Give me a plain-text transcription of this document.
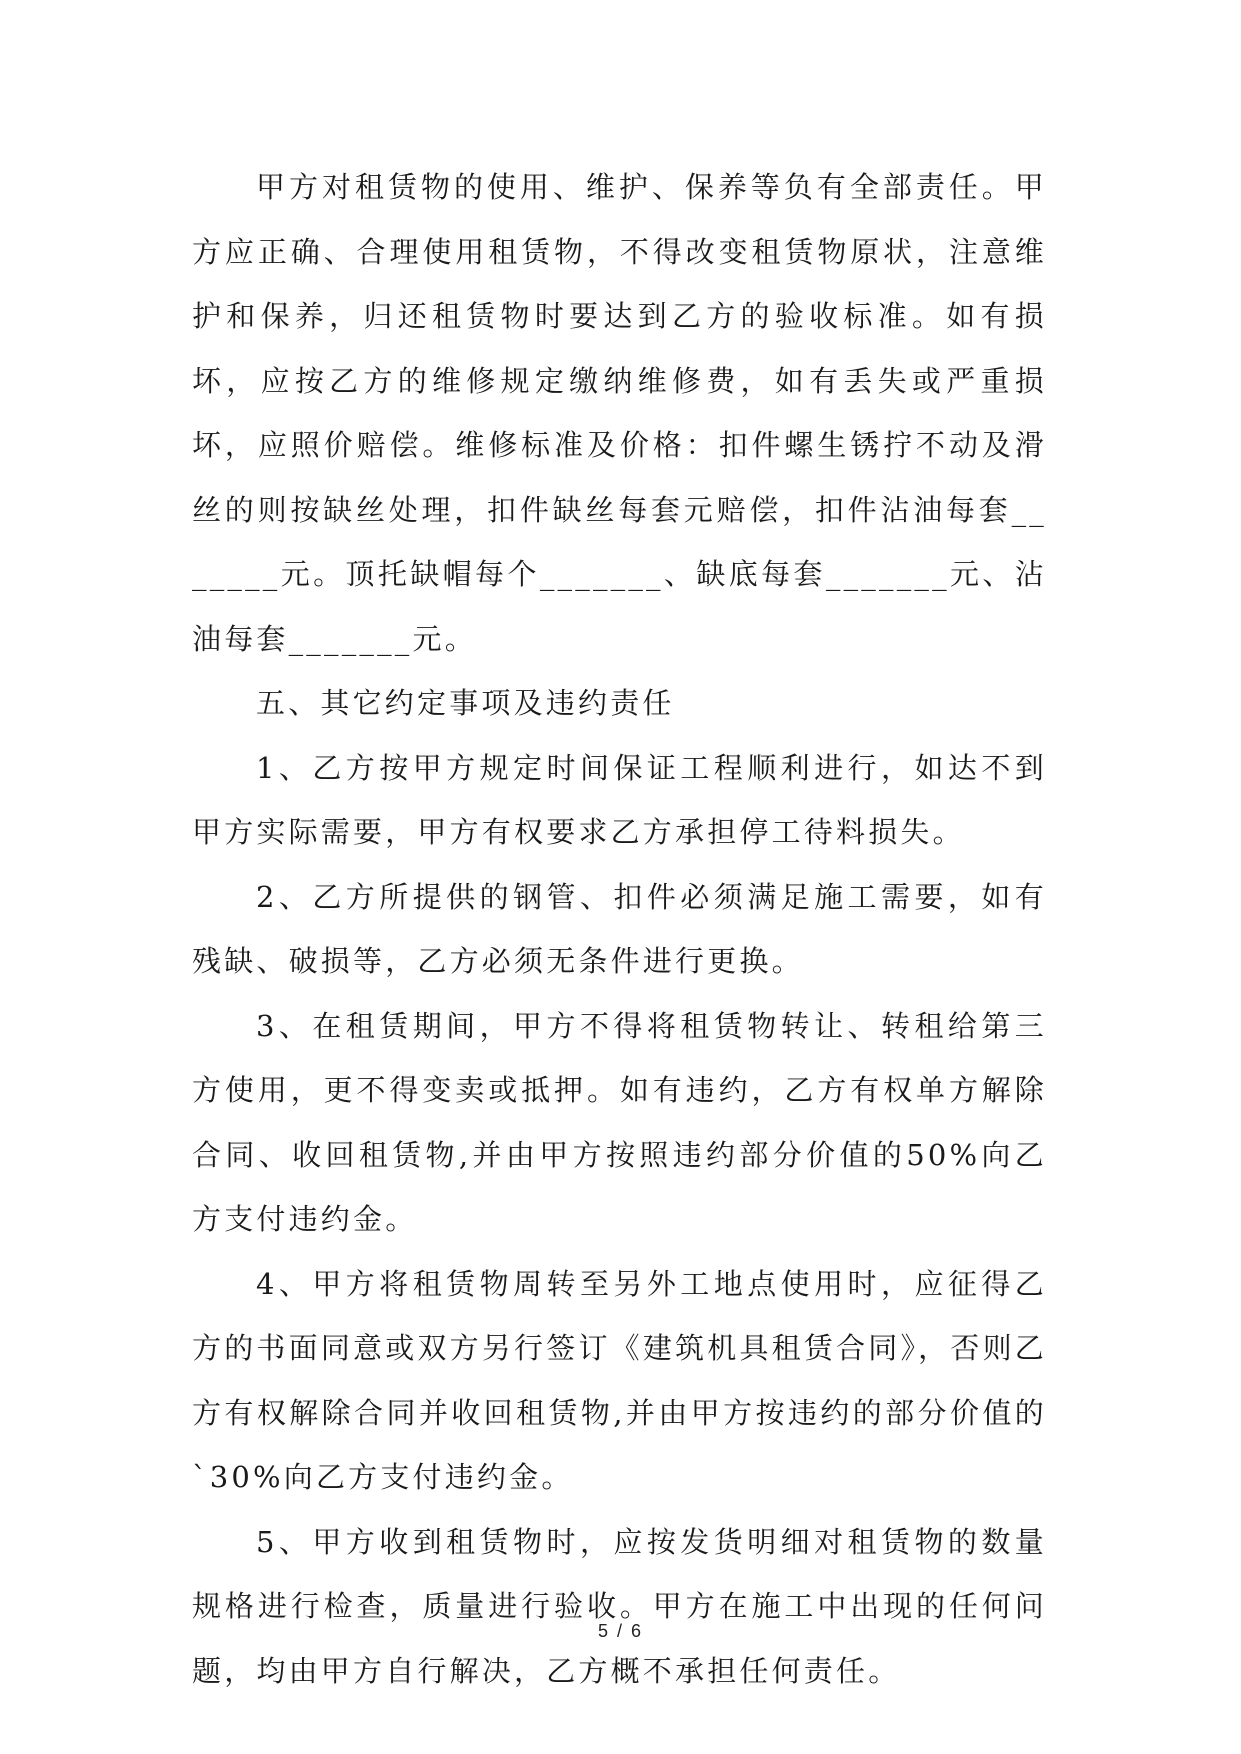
甲方对租赁物的使用、维护、保养等负有全部责任。甲方应正确、合理使用租赁物，不得改变租赁物原状，注意维护和保养，归还租赁物时要达到乙方的验收标准。如有损坏，应按乙方的维修规定缴纳维修费，如有丢失或严重损坏，应照价赔偿。维修标准及价格：扣件螺生锈拧不动及滑丝的则按缺丝处理，扣件缺丝每套元赔偿，扣件沾油每套_______元。顶托缺帽每个_______、缺底每套_______元、沾油每套_______元。

五、其它约定事项及违约责任

1、乙方按甲方规定时间保证工程顺利进行，如达不到甲方实际需要，甲方有权要求乙方承担停工待料损失。

2、乙方所提供的钢管、扣件必须满足施工需要，如有残缺、破损等，乙方必须无条件进行更换。

3、在租赁期间，甲方不得将租赁物转让、转租给第三方使用，更不得变卖或抵押。如有违约，乙方有权单方解除合同、收回租赁物,并由甲方按照违约部分价值的50%向乙方支付违约金。

4、甲方将租赁物周转至另外工地点使用时，应征得乙方的书面同意或双方另行签订《建筑机具租赁合同》，否则乙方有权解除合同并收回租赁物,并由甲方按违约的部分价值的`30%向乙方支付违约金。

5、甲方收到租赁物时，应按发货明细对租赁物的数量规格进行检查，质量进行验收。甲方在施工中出现的任何问题，均由甲方自行解决，乙方概不承担任何责任。

5 / 6
